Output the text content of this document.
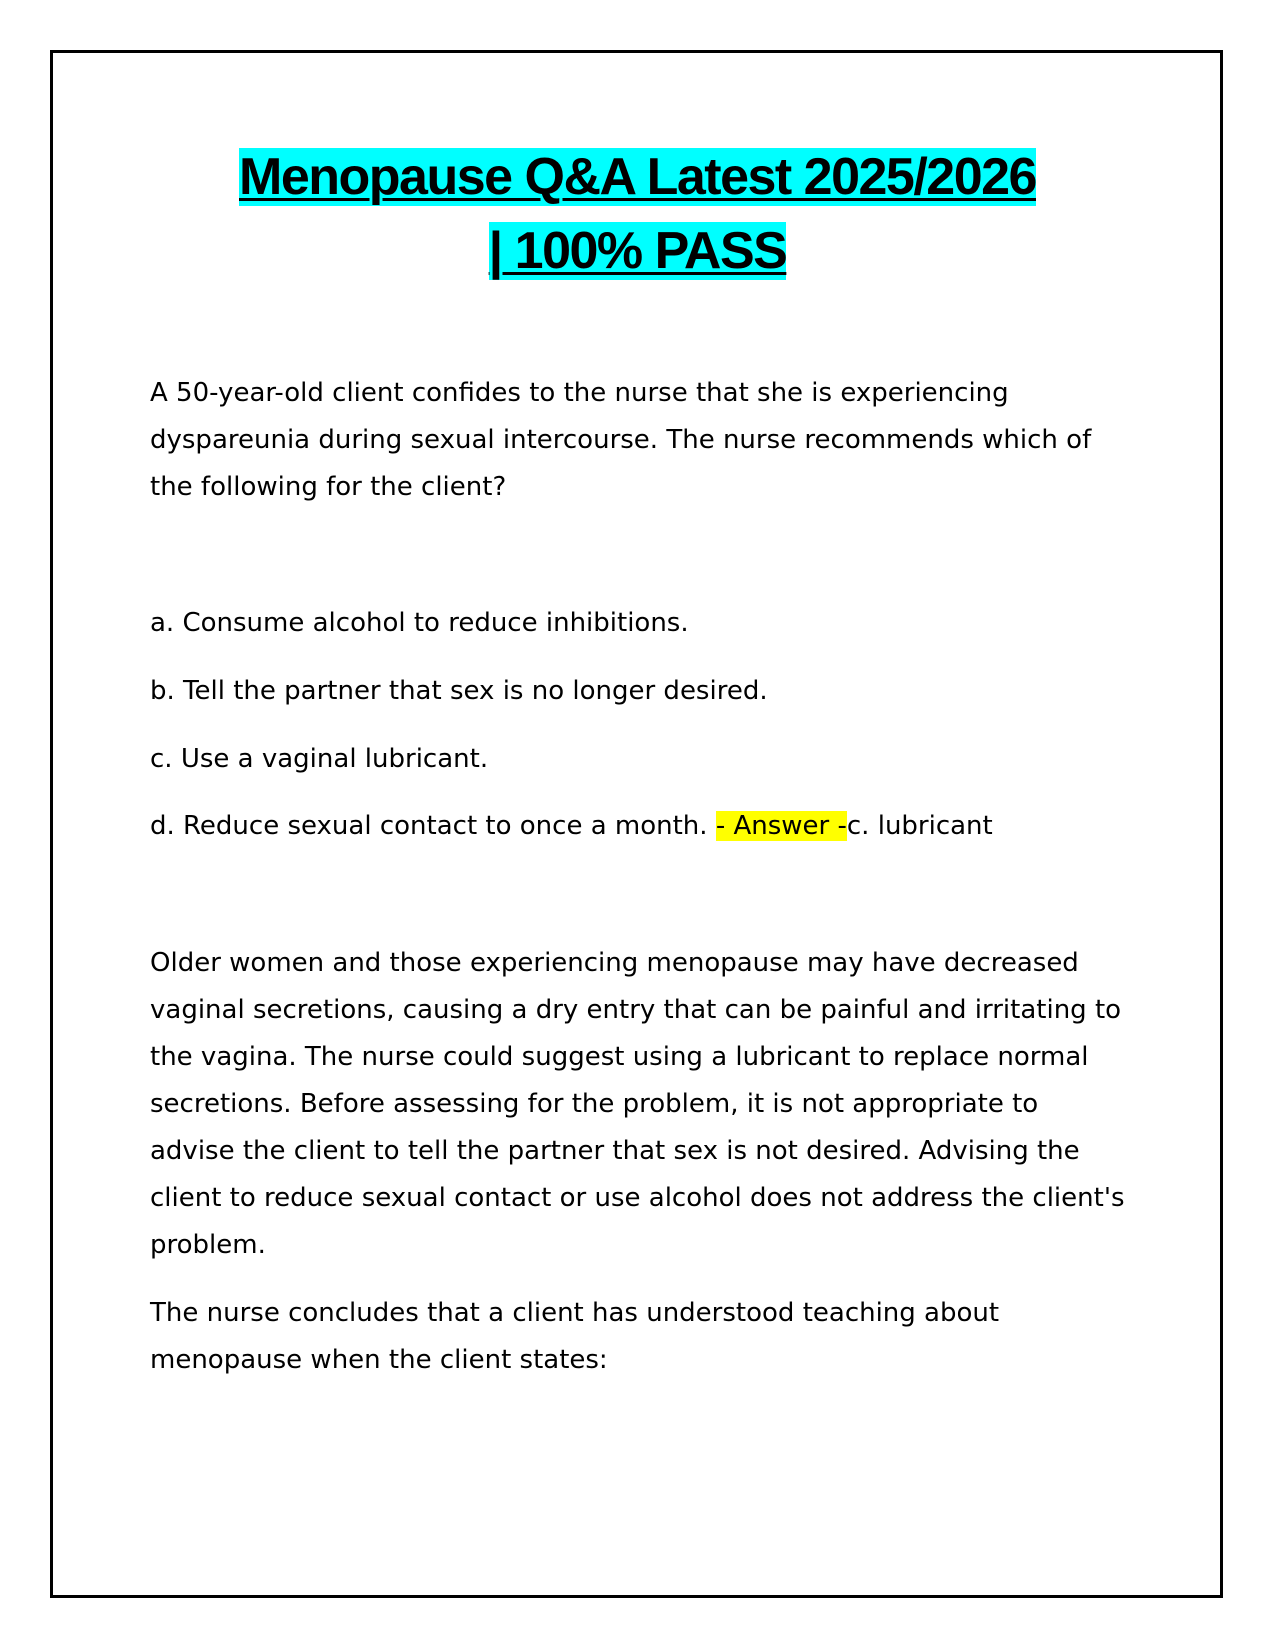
Menopause Q&A Latest 2025/2026
| 100% PASS

A 50-year-old client confides to the nurse that she is experiencing dyspareunia during sexual intercourse. The nurse recommends which of the following for the client?

a. Consume alcohol to reduce inhibitions.

b. Tell the partner that sex is no longer desired.

c. Use a vaginal lubricant.

d. Reduce sexual contact to once a month. - Answer -c. lubricant

Older women and those experiencing menopause may have decreased vaginal secretions, causing a dry entry that can be painful and irritating to the vagina. The nurse could suggest using a lubricant to replace normal secretions. Before assessing for the problem, it is not appropriate to advise the client to tell the partner that sex is not desired. Advising the client to reduce sexual contact or use alcohol does not address the client's problem.

The nurse concludes that a client has understood teaching about menopause when the client states:
